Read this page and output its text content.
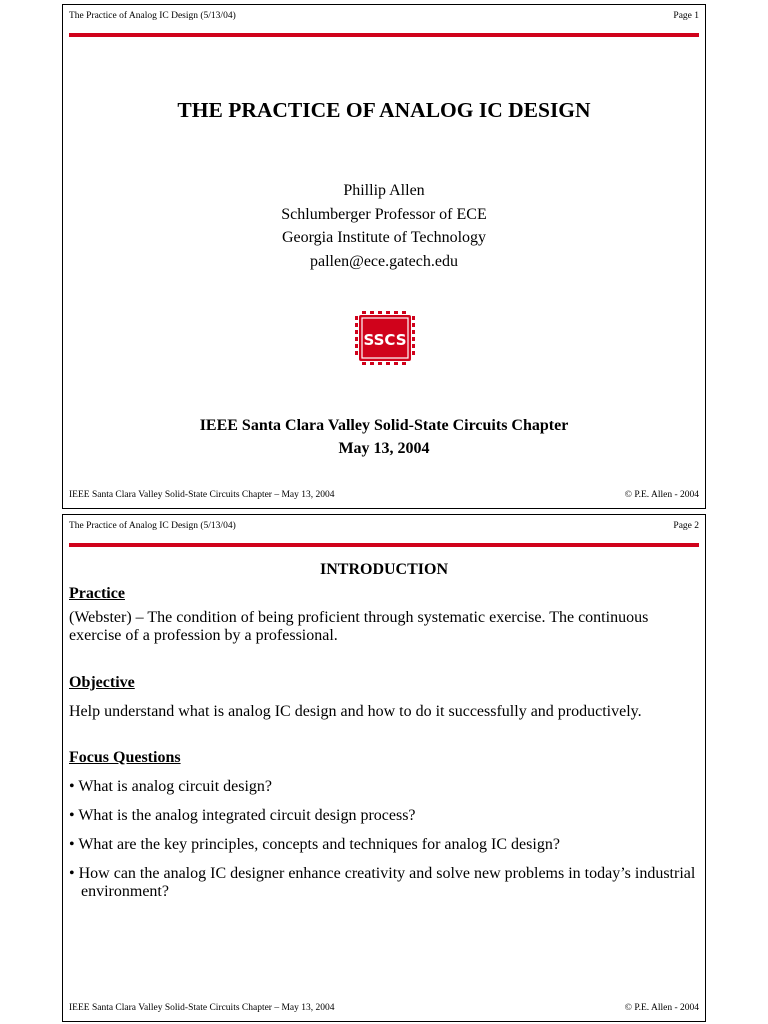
The Practice of Analog IC Design (5/13/04)	Page 1
THE PRACTICE OF ANALOG IC DESIGN
Phillip Allen
Schlumberger Professor of ECE
Georgia Institute of Technology
pallen@ece.gatech.edu
SSCS
IEEE Santa Clara Valley Solid-State Circuits Chapter
May 13, 2004
IEEE Santa Clara Valley Solid-State Circuits Chapter – May 13, 2004	© P.E. Allen - 2004
The Practice of Analog IC Design (5/13/04)	Page 2
INTRODUCTION
Practice
(Webster) – The condition of being proficient through systematic exercise. The continuous exercise of a profession by a professional.
Objective
Help understand what is analog IC design and how to do it successfully and productively.
Focus Questions
• What is analog circuit design?
• What is the analog integrated circuit design process?
• What are the key principles, concepts and techniques for analog IC design?
• How can the analog IC designer enhance creativity and solve new problems in today’s industrial environment?
IEEE Santa Clara Valley Solid-State Circuits Chapter – May 13, 2004	© P.E. Allen - 2004
